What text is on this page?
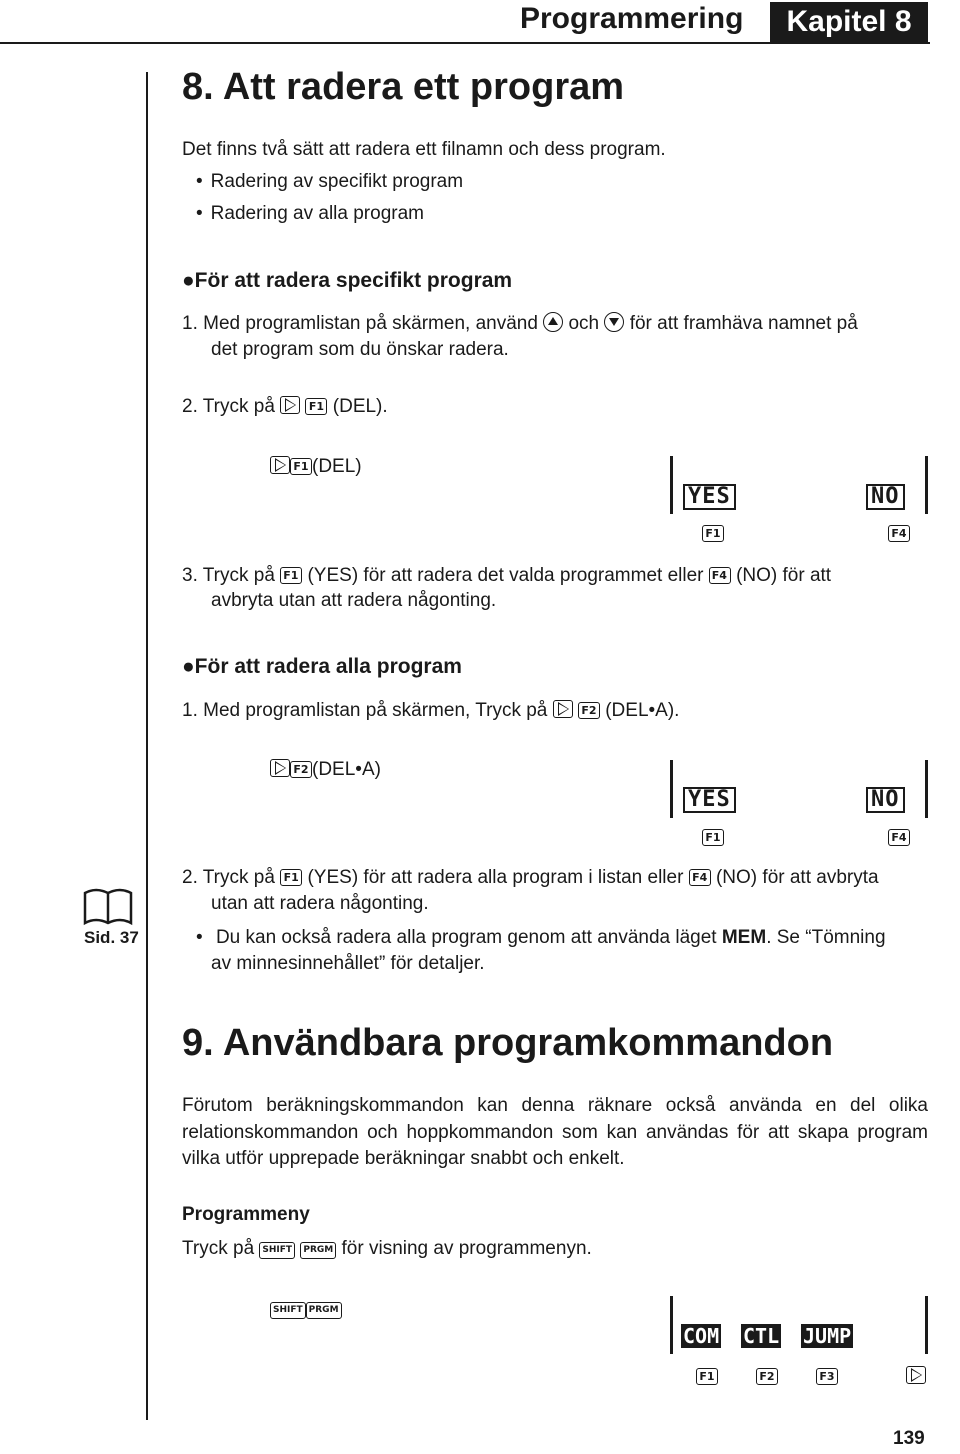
Programmering	Kapitel 8
8. Att radera ett program
Det finns två sätt att radera ett filnamn och dess program.
• Radering av specifikt program
• Radering av alla program
●För att radera specifikt program
1. Med programlistan på skärmen, använd och för att framhäva namnet på
det program som du önskar radera.
2. Tryck på	F1 (DEL).
F1 (DEL)
YES	NO
F1	F4
3. Tryck på F1 (YES) för att radera det valda programmet eller F4 (NO) för att
avbryta utan att radera någonting.
●För att radera alla program
1. Med programlistan på skärmen, Tryck på	F2 (DEL•A).
F2 (DEL•A)
YES	NO
F1	F4
Sid. 37
2. Tryck på F1 (YES) för att radera alla program i listan eller F4 (NO) för att avbryta
utan att radera någonting.
• Du kan också radera alla program genom att använda läget MEM. Se “Tömning
av minnesinnehållet” för detaljer.
9. Användbara programkommandon
Förutom beräkningskommandon kan denna räknare också använda en del olika relationskommandon och hoppkommandon som kan användas för att skapa program vilka utför upprepade beräkningar snabbt och enkelt.
Programmeny
Tryck på SHIFT PRGM för visning av programmenyn.
SHIFT PRGM
COM CTL JUMP
F1	F2	F3
139
